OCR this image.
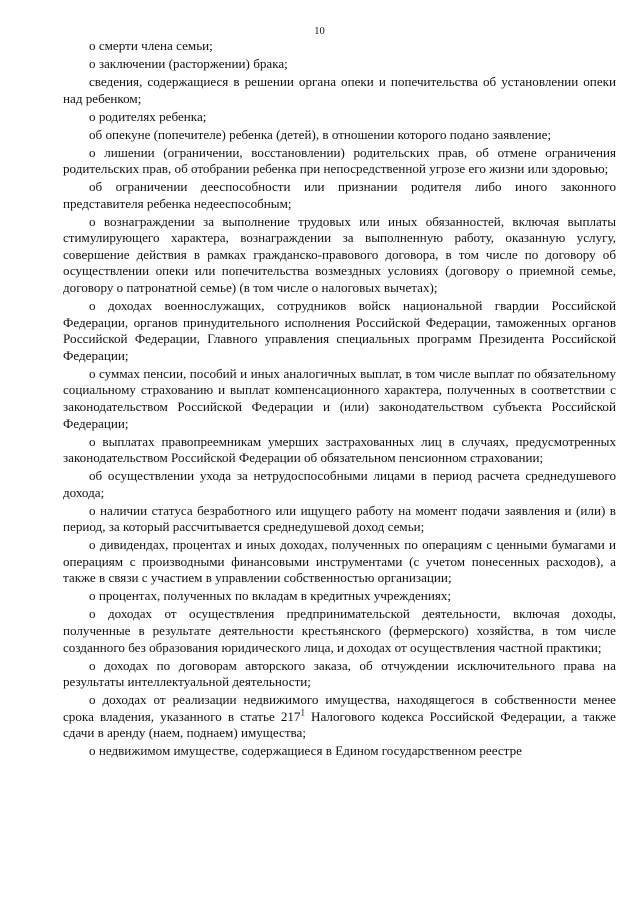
10

о смерти члена семьи;

о заключении (расторжении) брака;

сведения, содержащиеся в решении органа опеки и попечительства об установлении опеки над ребенком;

о родителях ребенка;

об опекуне (попечителе) ребенка (детей), в отношении которого подано заявление;

о лишении (ограничении, восстановлении) родительских прав, об отмене ограничения родительских прав, об отобрании ребенка при непосредственной угрозе его жизни или здоровью;

об ограничении дееспособности или признании родителя либо иного законного представителя ребенка недееспособным;

о вознаграждении за выполнение трудовых или иных обязанностей, включая выплаты стимулирующего характера, вознаграждении за выполненную работу, оказанную услугу, совершение действия в рамках гражданско-правового договора, в том числе по договору об осуществлении опеки или попечительства возмездных условиях (договору о приемной семье, договору о патронатной семье) (в том числе о налоговых вычетах);

о доходах военнослужащих, сотрудников войск национальной гвардии Российской Федерации, органов принудительного исполнения Российской Федерации, таможенных органов Российской Федерации, Главного управления специальных программ Президента Российской Федерации;

о суммах пенсии, пособий и иных аналогичных выплат, в том числе выплат по обязательному социальному страхованию и выплат компенсационного характера, полученных в соответствии с законодательством Российской Федерации и (или) законодательством субъекта Российской Федерации;

о выплатах правопреемникам умерших застрахованных лиц в случаях, предусмотренных законодательством Российской Федерации об обязательном пенсионном страховании;

об осуществлении ухода за нетрудоспособными лицами в период расчета среднедушевого дохода;

о наличии статуса безработного или ищущего работу на момент подачи заявления и (или) в период, за который рассчитывается среднедушевой доход семьи;

о дивидендах, процентах и иных доходах, полученных по операциям с ценными бумагами и операциям с производными финансовыми инструментами (с учетом понесенных расходов), а также в связи с участием в управлении собственностью организации;

о процентах, полученных по вкладам в кредитных учреждениях;

о доходах от осуществления предпринимательской деятельности, включая доходы, полученные в результате деятельности крестьянского (фермерского) хозяйства, в том числе созданного без образования юридического лица, и доходах от осуществления частной практики;

о доходах по договорам авторского заказа, об отчуждении исключительного права на результаты интеллектуальной деятельности;

о доходах от реализации недвижимого имущества, находящегося в собственности менее срока владения, указанного в статье $217^1$ Налогового кодекса Российской Федерации, а также сдачи в аренду (наем, поднаем) имущества;

о недвижимом имуществе, содержащиеся в Едином государственном реестре
